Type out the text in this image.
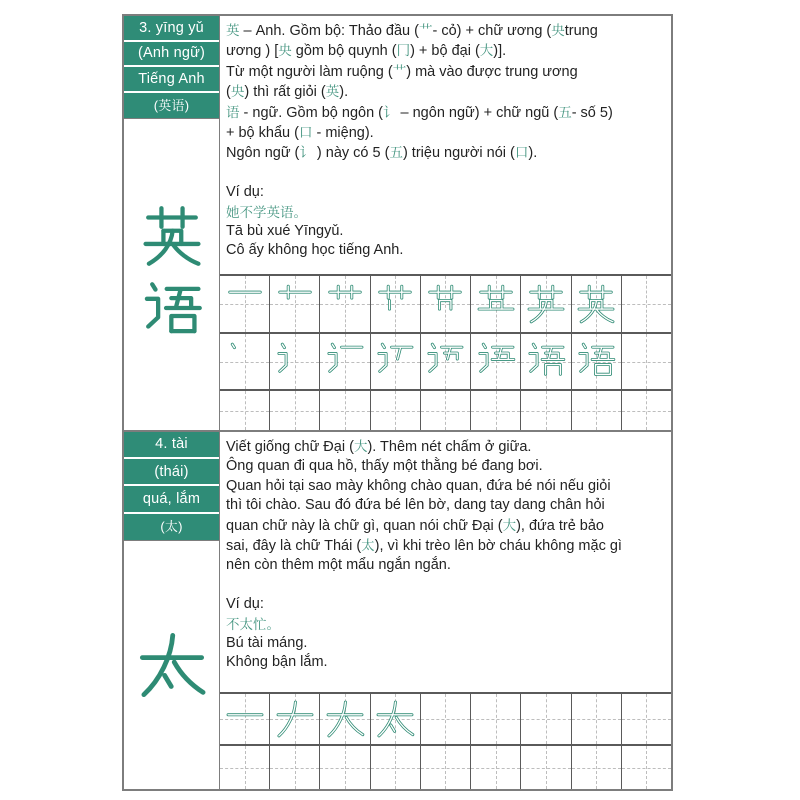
3. yīng yǔ
(Anh ngữ)
Tiếng Anh
(英语)
英 – Anh. Gồm bộ: Thảo đầu (艹- cỏ) + chữ ương (央trung
ương ) [央 gồm bộ quynh (冂) + bộ đại (大)].
Từ một người làm ruộng (艹) mà vào được trung ương
(央) thì rất giỏi (英).
语 - ngữ. Gồm bộ ngôn (讠 – ngôn ngữ) + chữ ngũ (五- số 5)
+ bộ khẩu (口 - miệng).
Ngôn ngữ (讠 ) này có 5 (五) triệu người nói (口).
Ví dụ:
她不学英语。
Tā bù xué Yīngyǔ.
Cô ấy không học tiếng Anh.
4. tài
(thái)
quá, lắm
(太)
Viết giống chữ Đại (大). Thêm nét chấm ở giữa.
Ông quan đi qua hồ, thấy một thằng bé đang bơi.
Quan hỏi tại sao mày không chào quan, đứa bé nói nếu giỏi
thì tôi chào. Sau đó đứa bé lên bờ, dang tay dang chân hỏi
quan chữ này là chữ gì, quan nói chữ Đại (大), đứa trẻ bảo
sai, đây là chữ Thái (太), vì khi trèo lên bờ cháu không mặc gì
nên còn thêm một mẩu ngắn ngắn.
Ví dụ:
不太忙。
Bú tài máng.
Không bận lắm.
